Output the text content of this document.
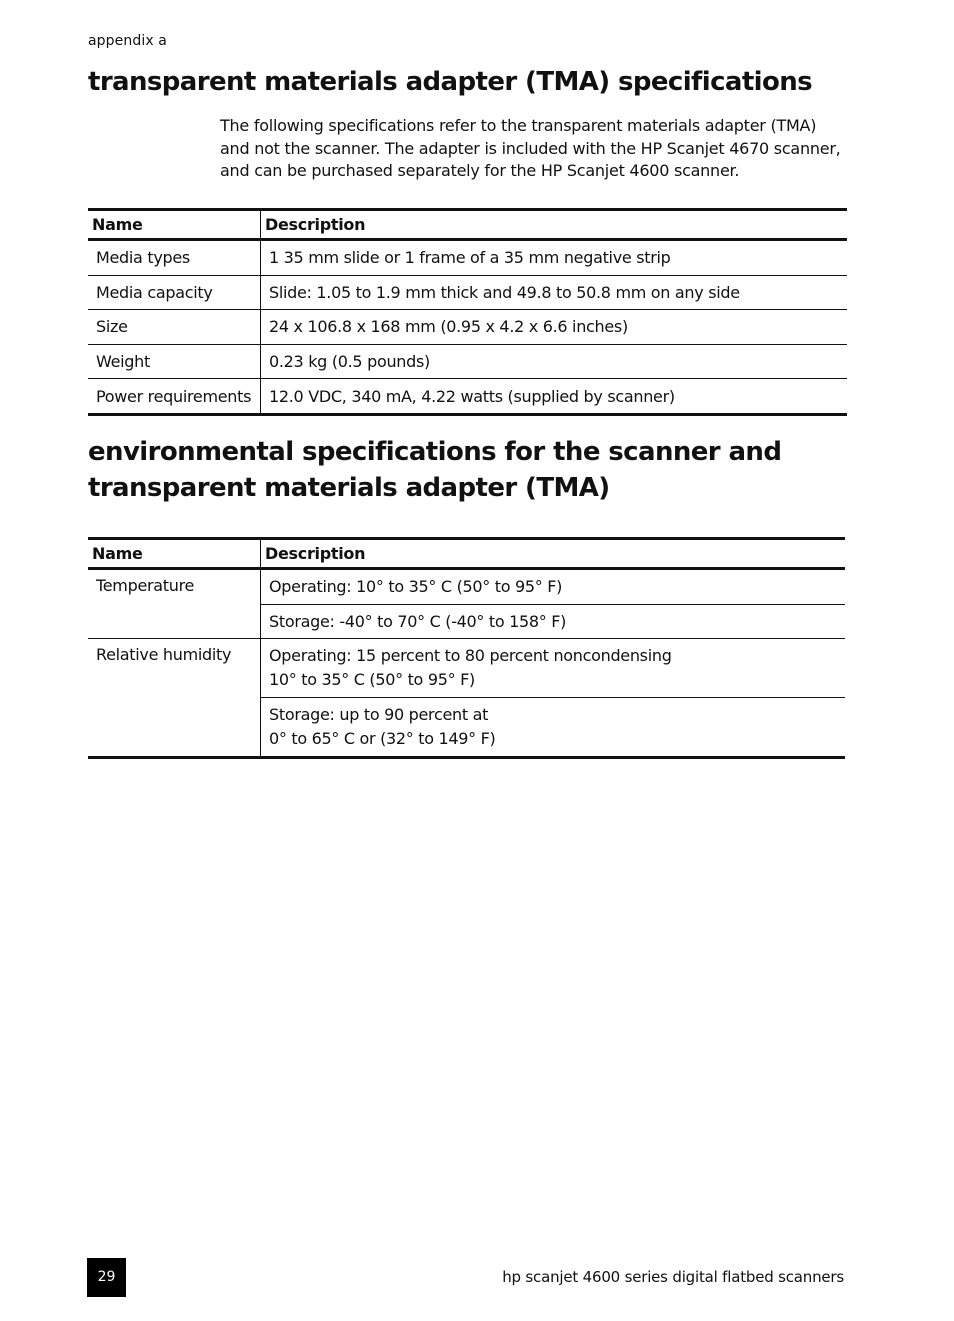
appendix a
transparent materials adapter (TMA) specifications

The following specifications refer to the transparent materials adapter (TMA) and not the scanner. The adapter is included with the HP Scanjet 4670 scanner, and can be purchased separately for the HP Scanjet 4600 scanner.

Name	Description
Media types	1 35 mm slide or 1 frame of a 35 mm negative strip
Media capacity	Slide: 1.05 to 1.9 mm thick and 49.8 to 50.8 mm on any side
Size	24 x 106.8 x 168 mm (0.95 x 4.2 x 6.6 inches)
Weight	0.23 kg (0.5 pounds)
Power requirements	12.0 VDC, 340 mA, 4.22 watts (supplied by scanner)
environmental specifications for the scanner and transparent materials adapter (TMA)
Name	Description
Temperature	Operating: 10° to 35° C (50° to 95° F)
	Storage: -40° to 70° C (-40° to 158° F)
Relative humidity	Operating: 15 percent to 80 percent noncondensing
10° to 35° C (50° to 95° F)

	Storage: up to 90 percent at
0° to 65° C or (32° to 149° F)
29	hp scanjet 4600 series digital flatbed scanners
